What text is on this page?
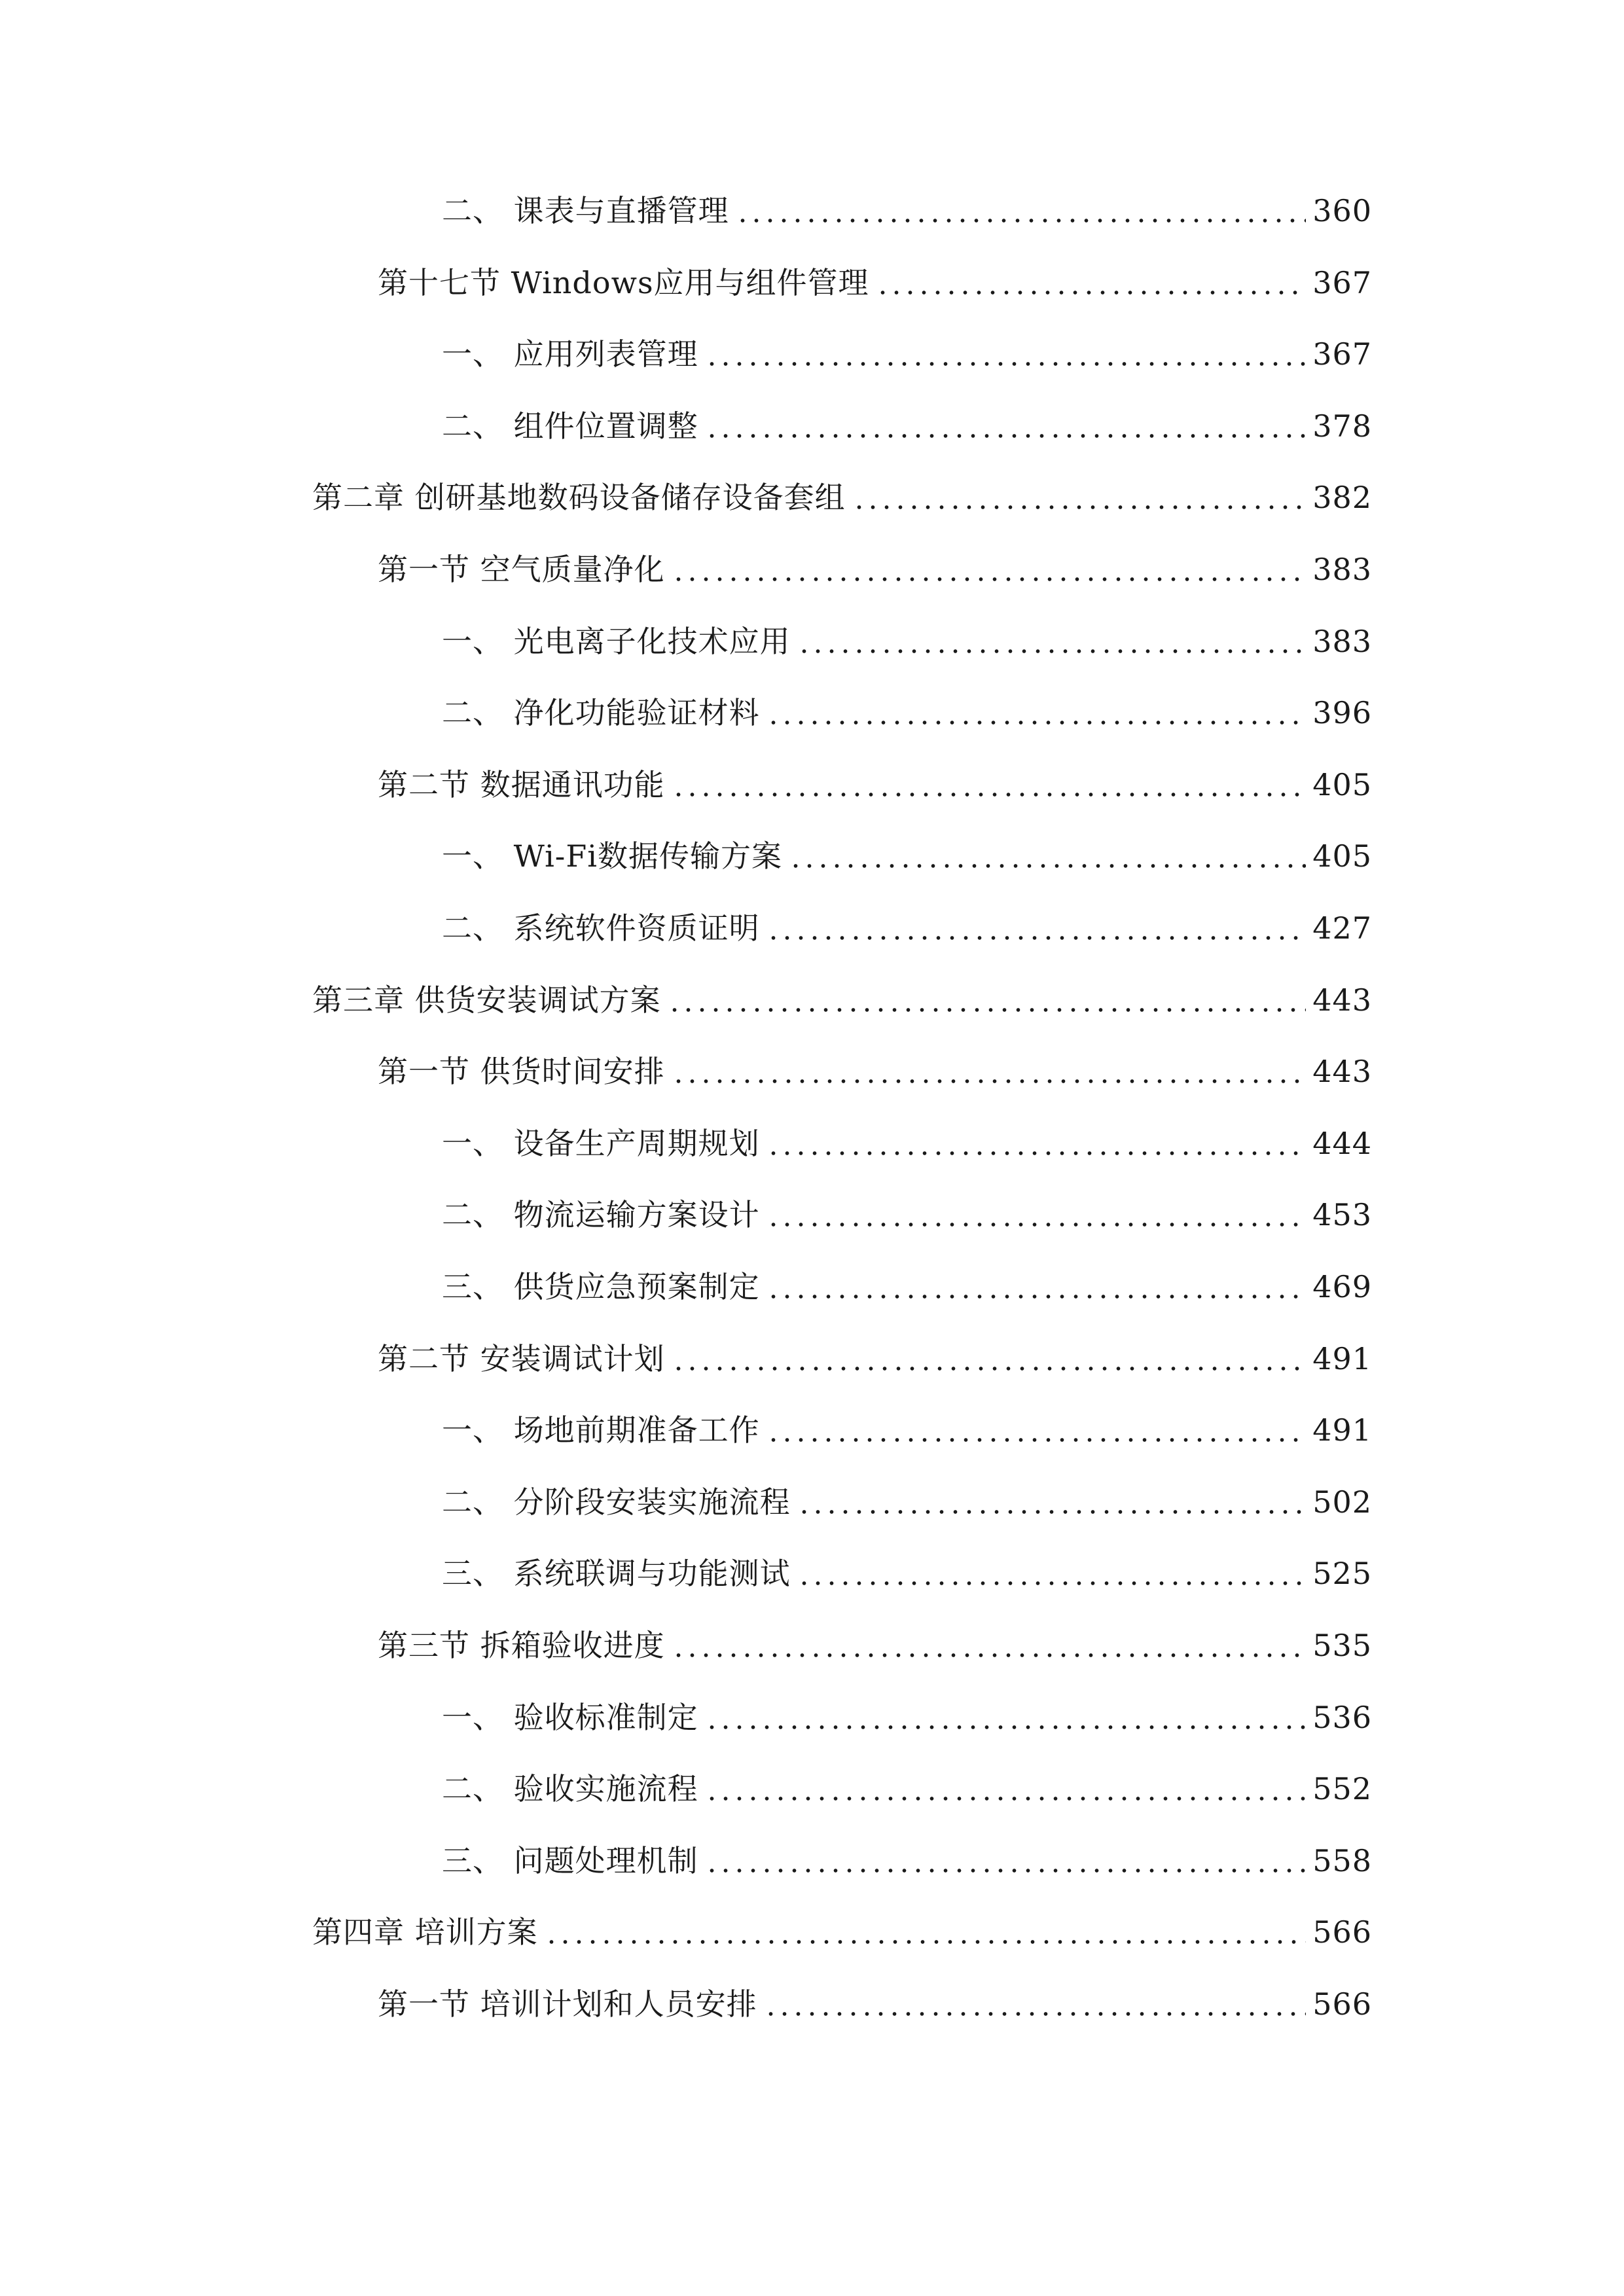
二、 课表与直播管理	360
第十七节 Windows应用与组件管理	367
一、 应用列表管理	367
二、 组件位置调整	378
第二章 创研基地数码设备储存设备套组	382
第一节 空气质量净化	383
一、 光电离子化技术应用	383
二、 净化功能验证材料	396
第二节 数据通讯功能	405
一、 Wi-Fi数据传输方案	405
二、 系统软件资质证明	427
第三章 供货安装调试方案	443
第一节 供货时间安排	443
一、 设备生产周期规划	444
二、 物流运输方案设计	453
三、 供货应急预案制定	469
第二节 安装调试计划	491
一、 场地前期准备工作	491
二、 分阶段安装实施流程	502
三、 系统联调与功能测试	525
第三节 拆箱验收进度	535
一、 验收标准制定	536
二、 验收实施流程	552
三、 问题处理机制	558
第四章 培训方案	566
第一节 培训计划和人员安排	566
